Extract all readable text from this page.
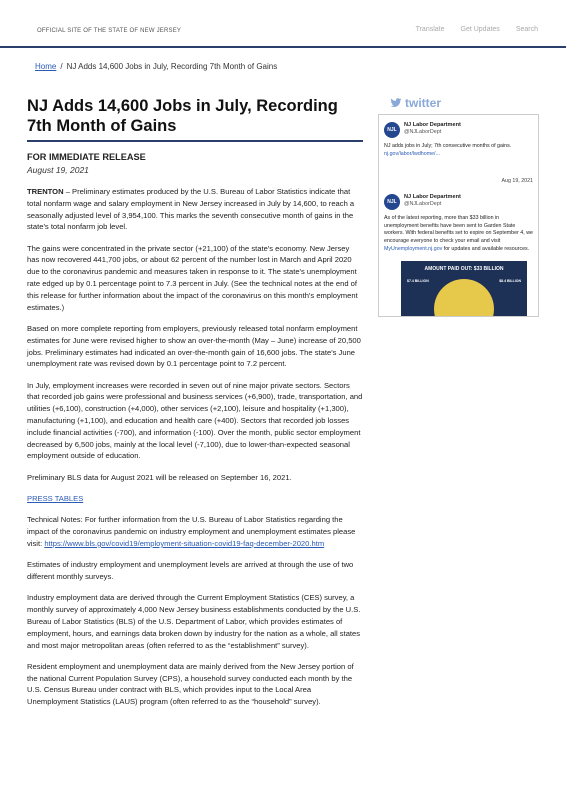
OFFICIAL SITE OF THE STATE OF NEW JERSEY	Translate Get Updates Search
Home / NJ Adds 14,600 Jobs in July, Recording 7th Month of Gains
NJ Adds 14,600 Jobs in July, Recording 7th Month of Gains
FOR IMMEDIATE RELEASE
August 19, 2021

TRENTON – Preliminary estimates produced by the U.S. Bureau of Labor Statistics indicate that total nonfarm wage and salary employment in New Jersey increased in July by 14,600, to reach a seasonally adjusted level of 3,954,100. This marks the seventh consecutive month of gains in the state's total nonfarm job level.

The gains were concentrated in the private sector (+21,100) of the state's economy. New Jersey has now recovered 441,700 jobs, or about 62 percent of the number lost in March and April 2020 due to the coronavirus pandemic and measures taken in response to it. The state's unemployment rate edged up by 0.1 percentage point to 7.3 percent in July. (See the technical notes at the end of this release for further information about the impact of the coronavirus on this month's employment estimates.)

Based on more complete reporting from employers, previously released total nonfarm employment estimates for June were revised higher to show an over-the-month (May – June) increase of 20,500 jobs. Preliminary estimates had indicated an over-the-month gain of 16,600 jobs. The state's June unemployment rate was revised down by 0.1 percentage point to 7.2 percent.

In July, employment increases were recorded in seven out of nine major private sectors. Sectors that recorded job gains were professional and business services (+6,900), trade, transportation, and utilities (+6,100), construction (+4,000), other services (+2,100), leisure and hospitality (+1,300), manufacturing (+1,100), and education and health care (+400). Sectors that recorded job losses include financial activities (-700), and information (-100). Over the month, public sector employment decreased by 6,500 jobs, mainly at the local level (-7,100), due to lower-than-expected seasonal employment outside of education.

Preliminary BLS data for August 2021 will be released on September 16, 2021.

PRESS TABLES

Technical Notes: For further information from the U.S. Bureau of Labor Statistics regarding the impact of the coronavirus pandemic on industry employment and unemployment estimates please visit: https://www.bls.gov/covid19/employment-situation-covid19-faq-december-2020.htm

Estimates of industry employment and unemployment levels are arrived at through the use of two different monthly surveys.

Industry employment data are derived through the Current Employment Statistics (CES) survey, a monthly survey of approximately 4,000 New Jersey business establishments conducted by the U.S. Bureau of Labor Statistics (BLS) of the U.S. Department of Labor, which provides estimates of employment, hours, and earnings data broken down by industry for the nation as a whole, all states and most major metropolitan areas (often referred to as the “establishment” survey).

Resident employment and unemployment data are mainly derived from the New Jersey portion of the national Current Population Survey (CPS), a household survey conducted each month by the U.S. Census Bureau under contract with BLS, which provides input to the Local Area Unemployment Statistics (LAUS) program (often referred to as the “household” survey).

twitter
NJL
NJ Labor Department
@NJLaborDept
NJ adds jobs in July; 7th consecutive months of gains. nj.gov/labor/lwdhome/...
Aug 19, 2021
NJL
NJ Labor Department
@NJLaborDept
As of the latest reporting, more than $33 billion in unemployment benefits have been sent to Garden State workers. With federal benefits set to expire on September 4, we encourage everyone to check your email and visit MyUnemployment.nj.gov for updates and available resources.
AMOUNT PAID OUT: $33 BILLION
$7.4 BILLION	$8.4 BILLION
